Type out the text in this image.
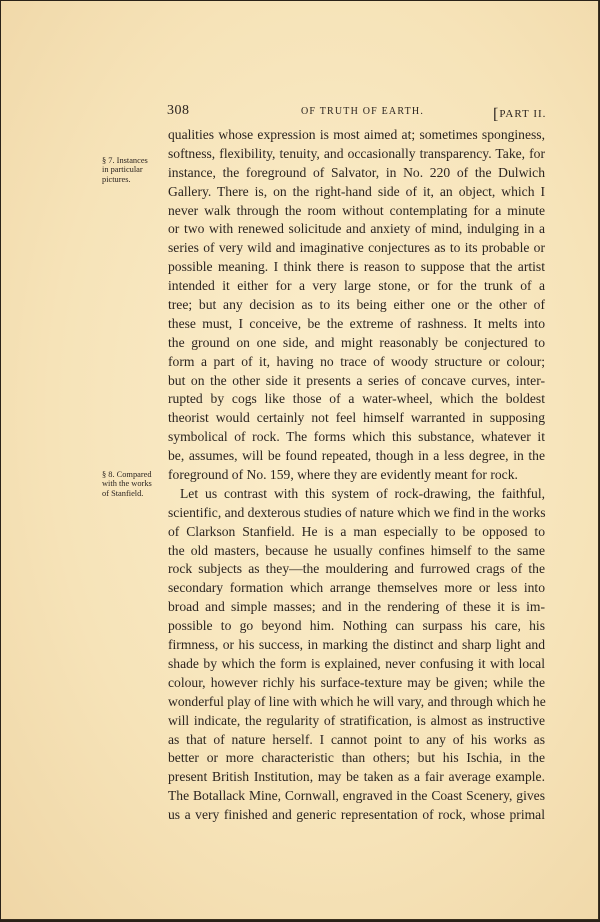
308	OF TRUTH OF EARTH.	[PART II.
§ 7. Instances
in particular
pictures.
§ 8. Compared
with the works
of Stanfield.
qualities whose expression is most aimed at; sometimes sponginess,
softness, flexibility, tenuity, and occasionally transparency. Take, for
instance, the foreground of Salvator, in No. 220 of the Dulwich
Gallery. There is, on the right-hand side of it, an object, which I
never walk through the room without contemplating for a minute
or two with renewed solicitude and anxiety of mind, indulging in a
series of very wild and imaginative conjectures as to its probable or
possible meaning. I think there is reason to suppose that the artist
intended it either for a very large stone, or for the trunk of a
tree; but any decision as to its being either one or the other of
these must, I conceive, be the extreme of rashness. It melts into
the ground on one side, and might reasonably be conjectured to
form a part of it, having no trace of woody structure or colour;
but on the other side it presents a series of concave curves, inter-
rupted by cogs like those of a water-wheel, which the boldest
theorist would certainly not feel himself warranted in supposing
symbolical of rock. The forms which this substance, whatever it
be, assumes, will be found repeated, though in a less degree, in the
foreground of No. 159, where they are evidently meant for rock.
Let us contrast with this system of rock-drawing, the faithful,
scientific, and dexterous studies of nature which we find in the works
of Clarkson Stanfield. He is a man especially to be opposed to
the old masters, because he usually confines himself to the same
rock subjects as they—the mouldering and furrowed crags of the
secondary formation which arrange themselves more or less into
broad and simple masses; and in the rendering of these it is im-
possible to go beyond him. Nothing can surpass his care, his
firmness, or his success, in marking the distinct and sharp light and
shade by which the form is explained, never confusing it with local
colour, however richly his surface-texture may be given; while the
wonderful play of line with which he will vary, and through which he
will indicate, the regularity of stratification, is almost as instructive
as that of nature herself. I cannot point to any of his works as
better or more characteristic than others; but his Ischia, in the
present British Institution, may be taken as a fair average example.
The Botallack Mine, Cornwall, engraved in the Coast Scenery, gives
us a very finished and generic representation of rock, whose primal
